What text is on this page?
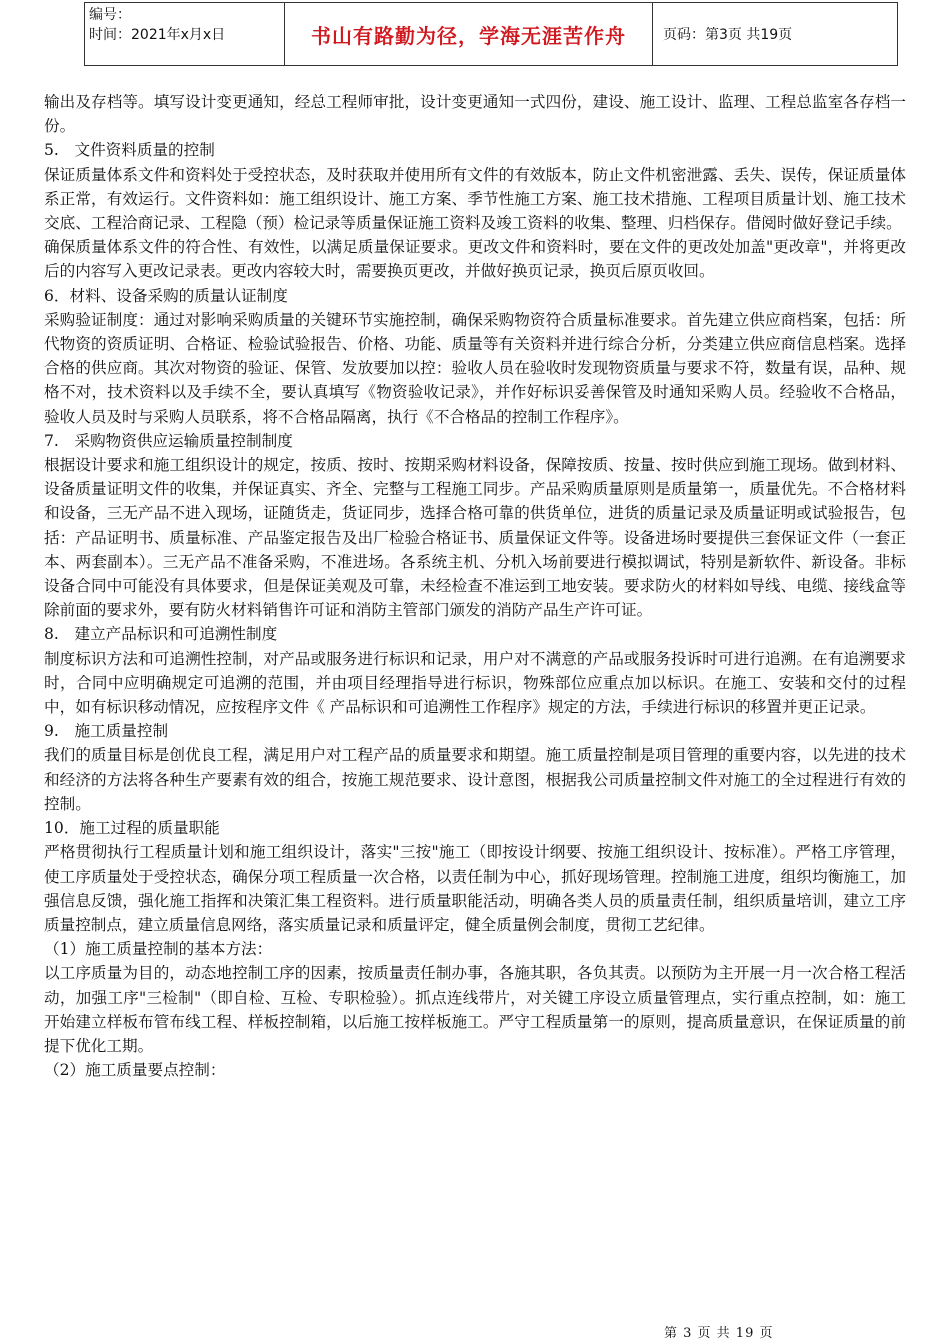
编号：
时间：2021年x月x日	书山有路勤为径，学海无涯苦作舟	页码：第3页 共19页

输出及存档等。填写设计变更通知，经总工程师审批，设计变更通知一式四份，建设、施工设计、监理、工程总监室各存档一份。

5.　文件资料质量的控制

保证质量体系文件和资料处于受控状态，及时获取并使用所有文件的有效版本，防止文件机密泄露、丢失、误传，保证质量体系正常，有效运行。文件资料如：施工组织设计、施工方案、季节性施工方案、施工技术措施、工程项目质量计划、施工技术交底、工程洽商记录、工程隐（预）检记录等质量保证施工资料及竣工资料的收集、整理、归档保存。借阅时做好登记手续。

确保质量体系文件的符合性、有效性，以满足质量保证要求。更改文件和资料时，要在文件的更改处加盖"更改章"，并将更改后的内容写入更改记录表。更改内容较大时，需要换页更改，并做好换页记录，换页后原页收回。

6．材料、设备采购的质量认证制度

采购验证制度：通过对影响采购质量的关键环节实施控制，确保采购物资符合质量标准要求。首先建立供应商档案，包括：所代物资的资质证明、合格证、检验试验报告、价格、功能、质量等有关资料并进行综合分析，分类建立供应商信息档案。选择合格的供应商。其次对物资的验证、保管、发放要加以控：验收人员在验收时发现物资质量与要求不符，数量有误，品种、规格不对，技术资料以及手续不全，要认真填写《物资验收记录》，并作好标识妥善保管及时通知采购人员。经验收不合格品，验收人员及时与采购人员联系，将不合格品隔离，执行《不合格品的控制工作程序》。

7.　采购物资供应运输质量控制制度

根据设计要求和施工组织设计的规定，按质、按时、按期采购材料设备，保障按质、按量、按时供应到施工现场。做到材料、设备质量证明文件的收集，并保证真实、齐全、完整与工程施工同步。产品采购质量原则是质量第一，质量优先。不合格材料和设备，三无产品不进入现场，证随货走，货证同步，选择合格可靠的供货单位，进货的质量记录及质量证明或试验报告，包括：产品证明书、质量标准、产品鉴定报告及出厂检验合格证书、质量保证文件等。设备进场时要提供三套保证文件（一套正本、两套副本）。三无产品不准备采购，不准进场。各系统主机、分机入场前要进行模拟调试，特别是新软件、新设备。非标设备合同中可能没有具体要求，但是保证美观及可靠，未经检查不准运到工地安装。要求防火的材料如导线、电缆、接线盒等除前面的要求外，要有防火材料销售许可证和消防主管部门颁发的消防产品生产许可证。

8.　建立产品标识和可追溯性制度

制度标识方法和可追溯性控制，对产品或服务进行标识和记录，用户对不满意的产品或服务投诉时可进行追溯。在有追溯要求时，合同中应明确规定可追溯的范围，并由项目经理指导进行标识，物殊部位应重点加以标识。在施工、安装和交付的过程中，如有标识移动情况，应按程序文件《 产品标识和可追溯性工作程序》规定的方法，手续进行标识的移置并更正记录。

9.　施工质量控制

我们的质量目标是创优良工程，满足用户对工程产品的质量要求和期望。施工质量控制是项目管理的重要内容，以先进的技术和经济的方法将各种生产要素有效的组合，按施工规范要求、设计意图，根据我公司质量控制文件对施工的全过程进行有效的控制。

10．施工过程的质量职能

严格贯彻执行工程质量计划和施工组织设计，落实"三按"施工（即按设计纲要、按施工组织设计、按标准）。严格工序管理，使工序质量处于受控状态，确保分项工程质量一次合格，以责任制为中心，抓好现场管理。控制施工进度，组织均衡施工，加强信息反馈，强化施工指挥和决策汇集工程资料。进行质量职能活动，明确各类人员的质量责任制，组织质量培训，建立工序质量控制点，建立质量信息网络，落实质量记录和质量评定，健全质量例会制度，贯彻工艺纪律。

（1）施工质量控制的基本方法：

以工序质量为目的，动态地控制工序的因素，按质量责任制办事，各施其职，各负其责。以预防为主开展一月一次合格工程活动，加强工序"三检制"（即自检、互检、专职检验）。抓点连线带片，对关键工序设立质量管理点，实行重点控制，如：施工开始建立样板布管布线工程、样板控制箱，以后施工按样板施工。严守工程质量第一的原则，提高质量意识，在保证质量的前提下优化工期。

（2）施工质量要点控制：

第 3 页 共 19 页
